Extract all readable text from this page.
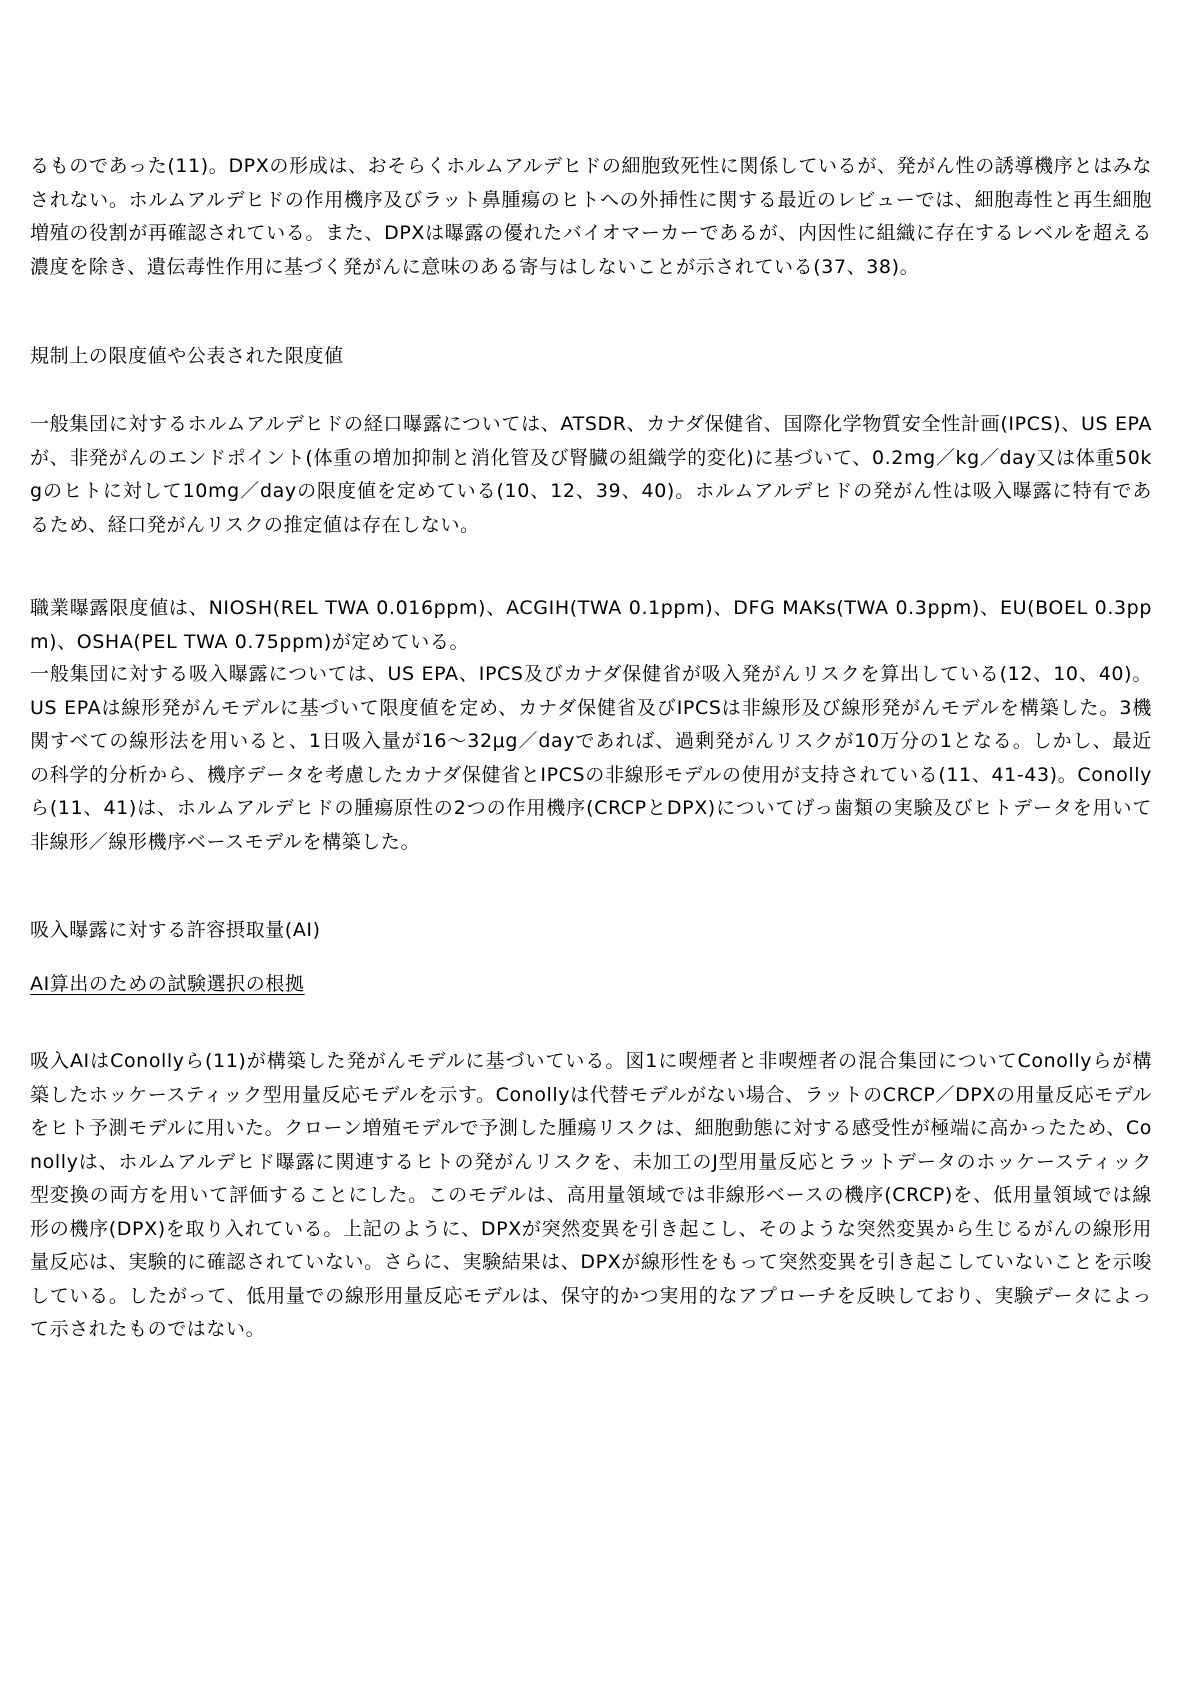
るものであった(11)。DPXの形成は、おそらくホルムアルデヒドの細胞致死性に関係しているが、発がん性の誘導機序とはみなされない。ホルムアルデヒドの作用機序及びラット鼻腫瘍のヒトへの外挿性に関する最近のレビューでは、細胞毒性と再生細胞増殖の役割が再確認されている。また、DPXは曝露の優れたバイオマーカーであるが、内因性に組織に存在するレベルを超える濃度を除き、遺伝毒性作用に基づく発がんに意味のある寄与はしないことが示されている(37、38)。

規制上の限度値や公表された限度値

一般集団に対するホルムアルデヒドの経口曝露については、ATSDR、カナダ保健省、国際化学物質安全性計画(IPCS)、US EPAが、非発がんのエンドポイント(体重の増加抑制と消化管及び腎臓の組織学的変化)に基づいて、0.2mg／kg／day又は体重50kgのヒトに対して10mg／dayの限度値を定めている(10、12、39、40)。ホルムアルデヒドの発がん性は吸入曝露に特有であるため、経口発がんリスクの推定値は存在しない。

職業曝露限度値は、NIOSH(REL TWA 0.016ppm)、ACGIH(TWA 0.1ppm)、DFG MAKs(TWA 0.3ppm)、EU(BOEL 0.3ppm)、OSHA(PEL TWA 0.75ppm)が定めている。

一般集団に対する吸入曝露については、US EPA、IPCS及びカナダ保健省が吸入発がんリスクを算出している(12、10、40)。US EPAは線形発がんモデルに基づいて限度値を定め、カナダ保健省及びIPCSは非線形及び線形発がんモデルを構築した。3機関すべての線形法を用いると、1日吸入量が16～32μg／dayであれば、過剰発がんリスクが10万分の1となる。しかし、最近の科学的分析から、機序データを考慮したカナダ保健省とIPCSの非線形モデルの使用が支持されている(11、41-43)。Conollyら(11、41)は、ホルムアルデヒドの腫瘍原性の2つの作用機序(CRCPとDPX)についてげっ歯類の実験及びヒトデータを用いて非線形／線形機序ベースモデルを構築した。

吸入曝露に対する許容摂取量(AI)

AI算出のための試験選択の根拠

吸入AIはConollyら(11)が構築した発がんモデルに基づいている。図1に喫煙者と非喫煙者の混合集団についてConollyらが構築したホッケースティック型用量反応モデルを示す。Conollyは代替モデルがない場合、ラットのCRCP／DPXの用量反応モデルをヒト予測モデルに用いた。クローン増殖モデルで予測した腫瘍リスクは、細胞動態に対する感受性が極端に高かったため、Conollyは、ホルムアルデヒド曝露に関連するヒトの発がんリスクを、未加工のJ型用量反応とラットデータのホッケースティック型変換の両方を用いて評価することにした。このモデルは、高用量領域では非線形ベースの機序(CRCP)を、低用量領域では線形の機序(DPX)を取り入れている。上記のように、DPXが突然変異を引き起こし、そのような突然変異から生じるがんの線形用量反応は、実験的に確認されていない。さらに、実験結果は、DPXが線形性をもって突然変異を引き起こしていないことを示唆している。したがって、低用量での線形用量反応モデルは、保守的かつ実用的なアプローチを反映しており、実験データによって示されたものではない。
